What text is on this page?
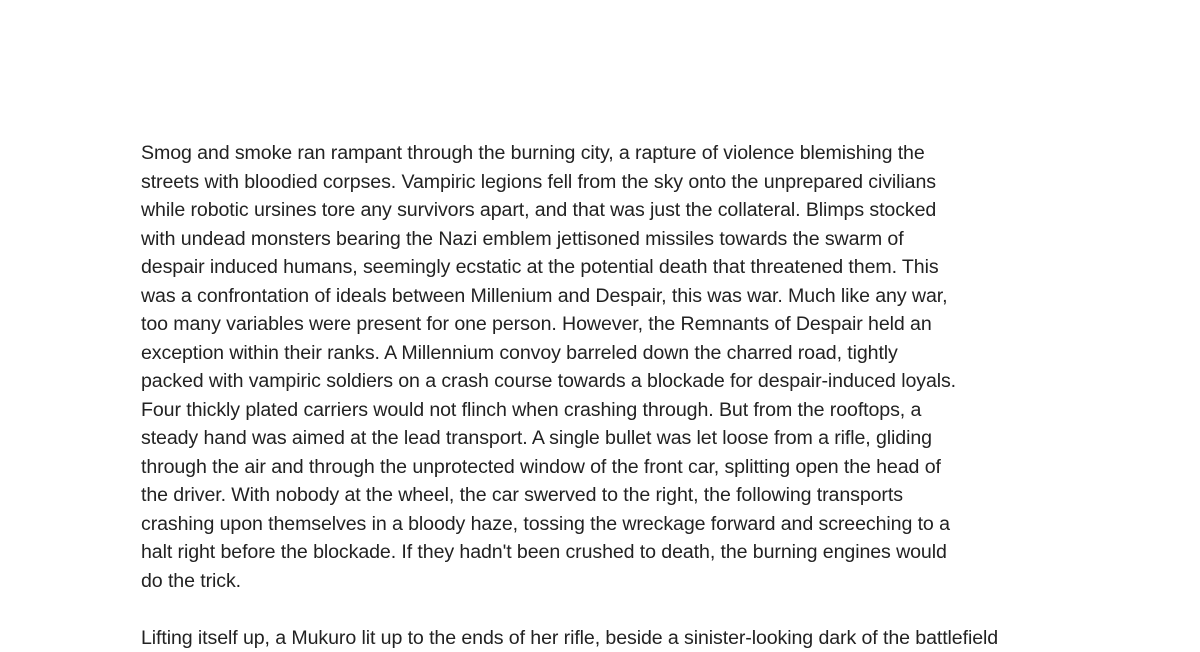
Smog and smoke ran rampant through the burning city, a rapture of violence blemishing the
streets with bloodied corpses. Vampiric legions fell from the sky onto the unprepared civilians
while robotic ursines tore any survivors apart, and that was just the collateral. Blimps stocked
with undead monsters bearing the Nazi emblem jettisoned missiles towards the swarm of
despair induced humans, seemingly ecstatic at the potential death that threatened them. This
was a confrontation of ideals between Millenium and Despair, this was war. Much like any war,
too many variables were present for one person. However, the Remnants of Despair held an
exception within their ranks. A Millennium convoy barreled down the charred road, tightly
packed with vampiric soldiers on a crash course towards a blockade for despair-induced loyals.
Four thickly plated carriers would not flinch when crashing through. But from the rooftops, a
steady hand was aimed at the lead transport. A single bullet was let loose from a rifle, gliding
through the air and through the unprotected window of the front car, splitting open the head of
the driver. With nobody at the wheel, the car swerved to the right, the following transports
crashing upon themselves in a bloody haze, tossing the wreckage forward and screeching to a
halt right before the blockade. If they hadn't been crushed to death, the burning engines would
do the trick.
Lifting itself up, a Mukuro lit up to the ends of her rifle, beside a sinister-looking dark of the battlefield
